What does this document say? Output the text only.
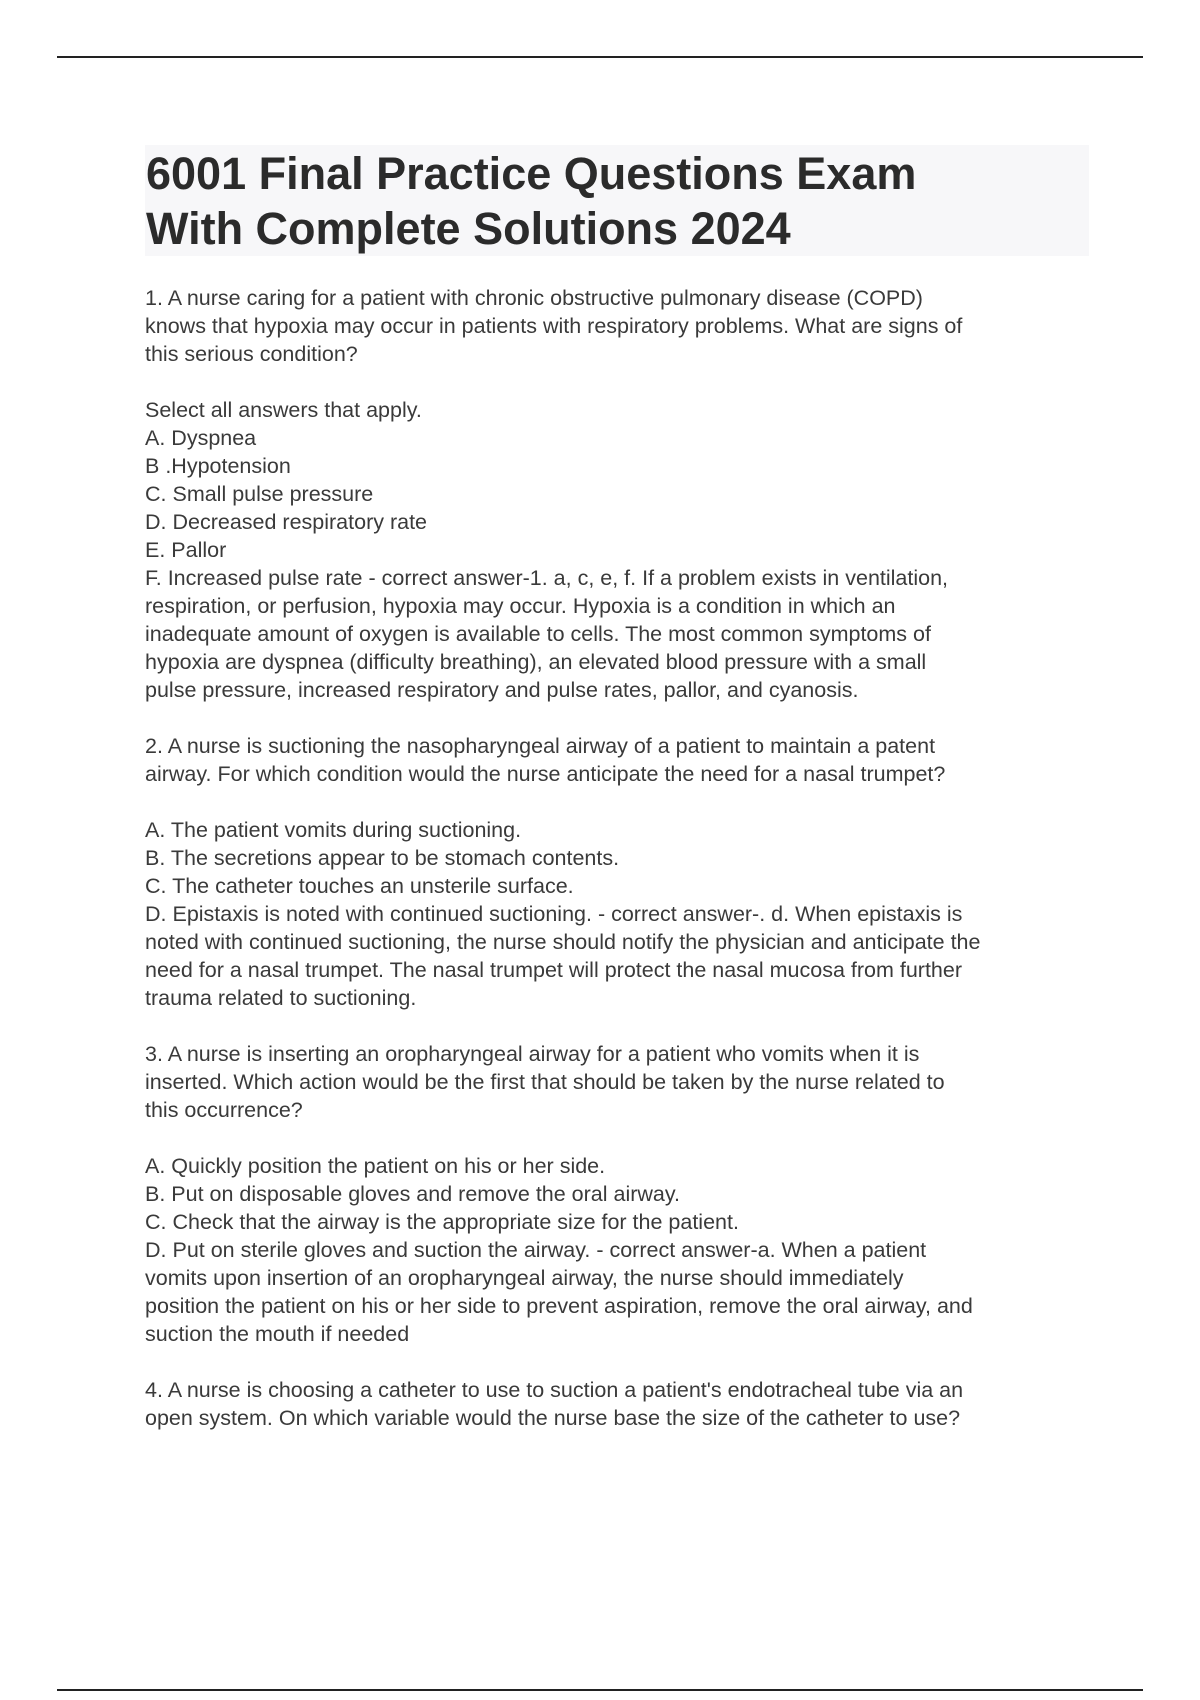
6001 Final Practice Questions Exam
With Complete Solutions 2024
1. A nurse caring for a patient with chronic obstructive pulmonary disease (COPD)
knows that hypoxia may occur in patients with respiratory problems. What are signs of
this serious condition?
Select all answers that apply.
A. Dyspnea
B .Hypotension
C. Small pulse pressure
D. Decreased respiratory rate
E. Pallor
F. Increased pulse rate - correct answer-1. a, c, e, f. If a problem exists in ventilation,
respiration, or perfusion, hypoxia may occur. Hypoxia is a condition in which an
inadequate amount of oxygen is available to cells. The most common symptoms of
hypoxia are dyspnea (difficulty breathing), an elevated blood pressure with a small
pulse pressure, increased respiratory and pulse rates, pallor, and cyanosis.
2. A nurse is suctioning the nasopharyngeal airway of a patient to maintain a patent
airway. For which condition would the nurse anticipate the need for a nasal trumpet?
A. The patient vomits during suctioning.
B. The secretions appear to be stomach contents.
C. The catheter touches an unsterile surface.
D. Epistaxis is noted with continued suctioning. - correct answer-. d. When epistaxis is
noted with continued suctioning, the nurse should notify the physician and anticipate the
need for a nasal trumpet. The nasal trumpet will protect the nasal mucosa from further
trauma related to suctioning.
3. A nurse is inserting an oropharyngeal airway for a patient who vomits when it is
inserted. Which action would be the first that should be taken by the nurse related to
this occurrence?
A. Quickly position the patient on his or her side.
B. Put on disposable gloves and remove the oral airway.
C. Check that the airway is the appropriate size for the patient.
D. Put on sterile gloves and suction the airway. - correct answer-a. When a patient
vomits upon insertion of an oropharyngeal airway, the nurse should immediately
position the patient on his or her side to prevent aspiration, remove the oral airway, and
suction the mouth if needed
4. A nurse is choosing a catheter to use to suction a patient's endotracheal tube via an
open system. On which variable would the nurse base the size of the catheter to use?
